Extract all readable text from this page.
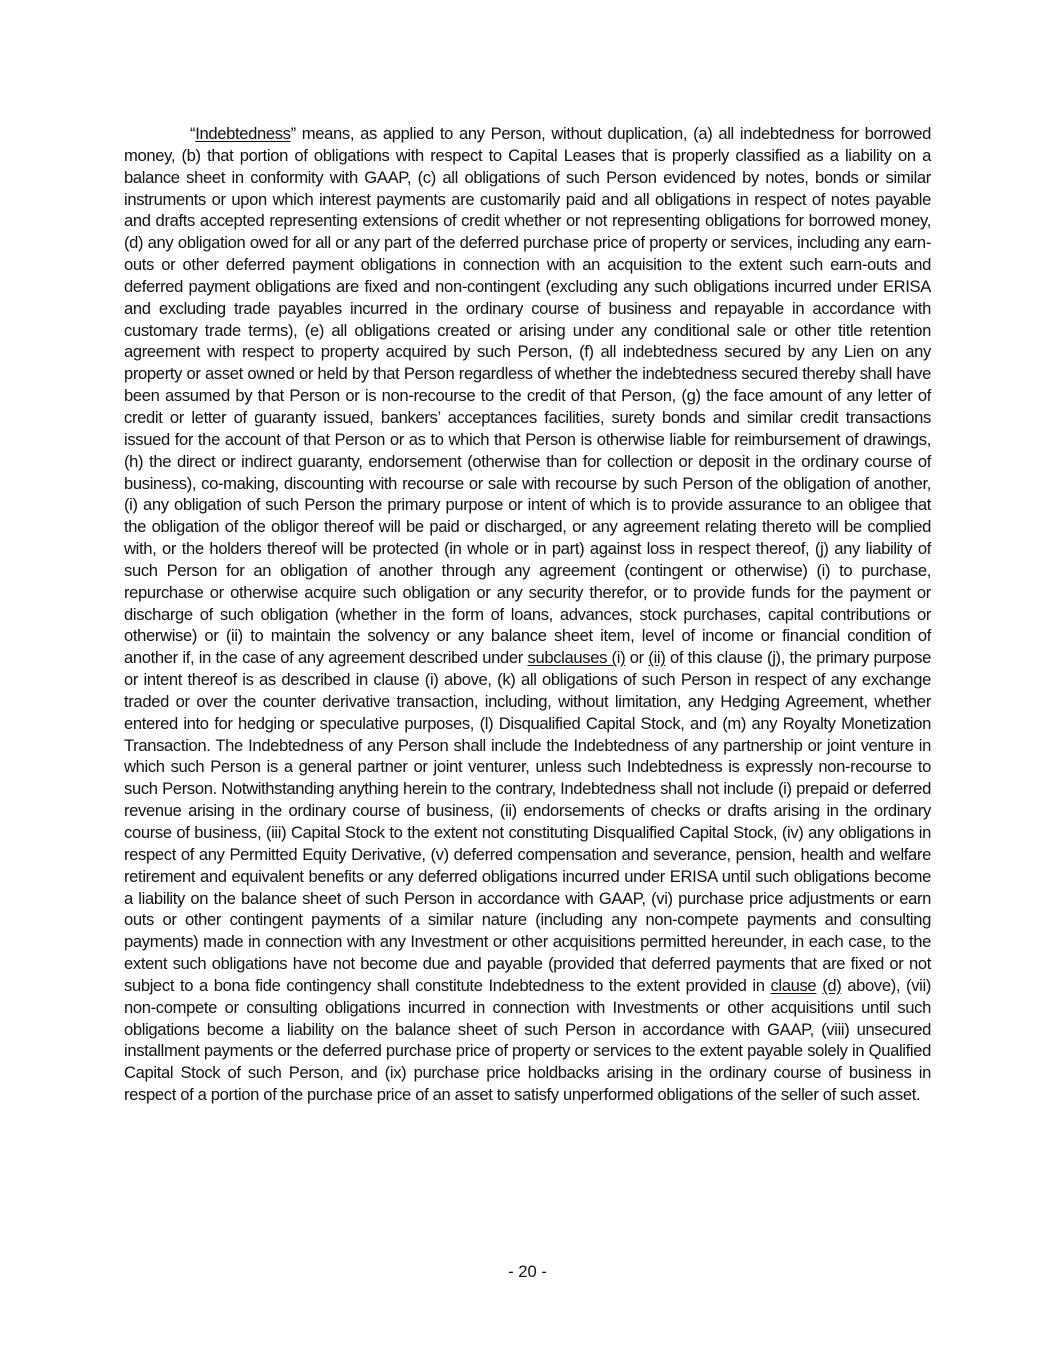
“Indebtedness” means, as applied to any Person, without duplication, (a) all indebtedness for borrowed money, (b) that portion of obligations with respect to Capital Leases that is properly classified as a liability on a balance sheet in conformity with GAAP, (c) all obligations of such Person evidenced by notes, bonds or similar instruments or upon which interest payments are customarily paid and all obligations in respect of notes payable and drafts accepted representing extensions of credit whether or not representing obligations for borrowed money, (d) any obligation owed for all or any part of the deferred purchase price of property or services, including any earn-outs or other deferred payment obligations in connection with an acquisition to the extent such earn-outs and deferred payment obligations are fixed and non-contingent (excluding any such obligations incurred under ERISA and excluding trade payables incurred in the ordinary course of business and repayable in accordance with customary trade terms), (e) all obligations created or arising under any conditional sale or other title retention agreement with respect to property acquired by such Person, (f) all indebtedness secured by any Lien on any property or asset owned or held by that Person regardless of whether the indebtedness secured thereby shall have been assumed by that Person or is non-recourse to the credit of that Person, (g) the face amount of any letter of credit or letter of guaranty issued, bankers’ acceptances facilities, surety bonds and similar credit transactions issued for the account of that Person or as to which that Person is otherwise liable for reimbursement of drawings, (h) the direct or indirect guaranty, endorsement (otherwise than for collection or deposit in the ordinary course of business), co-making, discounting with recourse or sale with recourse by such Person of the obligation of another, (i) any obligation of such Person the primary purpose or intent of which is to provide assurance to an obligee that the obligation of the obligor thereof will be paid or discharged, or any agreement relating thereto will be complied with, or the holders thereof will be protected (in whole or in part) against loss in respect thereof, (j) any liability of such Person for an obligation of another through any agreement (contingent or otherwise) (i) to purchase, repurchase or otherwise acquire such obligation or any security therefor, or to provide funds for the payment or discharge of such obligation (whether in the form of loans, advances, stock purchases, capital contributions or otherwise) or (ii) to maintain the solvency or any balance sheet item, level of income or financial condition of another if, in the case of any agreement described under subclauses (i) or (ii) of this clause (j), the primary purpose or intent thereof is as described in clause (i) above, (k) all obligations of such Person in respect of any exchange traded or over the counter derivative transaction, including, without limitation, any Hedging Agreement, whether entered into for hedging or speculative purposes, (l) Disqualified Capital Stock, and (m) any Royalty Monetization Transaction. The Indebtedness of any Person shall include the Indebtedness of any partnership or joint venture in which such Person is a general partner or joint venturer, unless such Indebtedness is expressly non-recourse to such Person. Notwithstanding anything herein to the contrary, Indebtedness shall not include (i) prepaid or deferred revenue arising in the ordinary course of business, (ii) endorsements of checks or drafts arising in the ordinary course of business, (iii) Capital Stock to the extent not constituting Disqualified Capital Stock, (iv) any obligations in respect of any Permitted Equity Derivative, (v) deferred compensation and severance, pension, health and welfare retirement and equivalent benefits or any deferred obligations incurred under ERISA until such obligations become a liability on the balance sheet of such Person in accordance with GAAP, (vi) purchase price adjustments or earn outs or other contingent payments of a similar nature (including any non-compete payments and consulting payments) made in connection with any Investment or other acquisitions permitted hereunder, in each case, to the extent such obligations have not become due and payable (provided that deferred payments that are fixed or not subject to a bona fide contingency shall constitute Indebtedness to the extent provided in clause (d) above), (vii) non-compete or consulting obligations incurred in connection with Investments or other acquisitions until such obligations become a liability on the balance sheet of such Person in accordance with GAAP, (viii) unsecured installment payments or the deferred purchase price of property or services to the extent payable solely in Qualified Capital Stock of such Person, and (ix) purchase price holdbacks arising in the ordinary course of business in respect of a portion of the purchase price of an asset to satisfy unperformed obligations of the seller of such asset.

- 20 -
